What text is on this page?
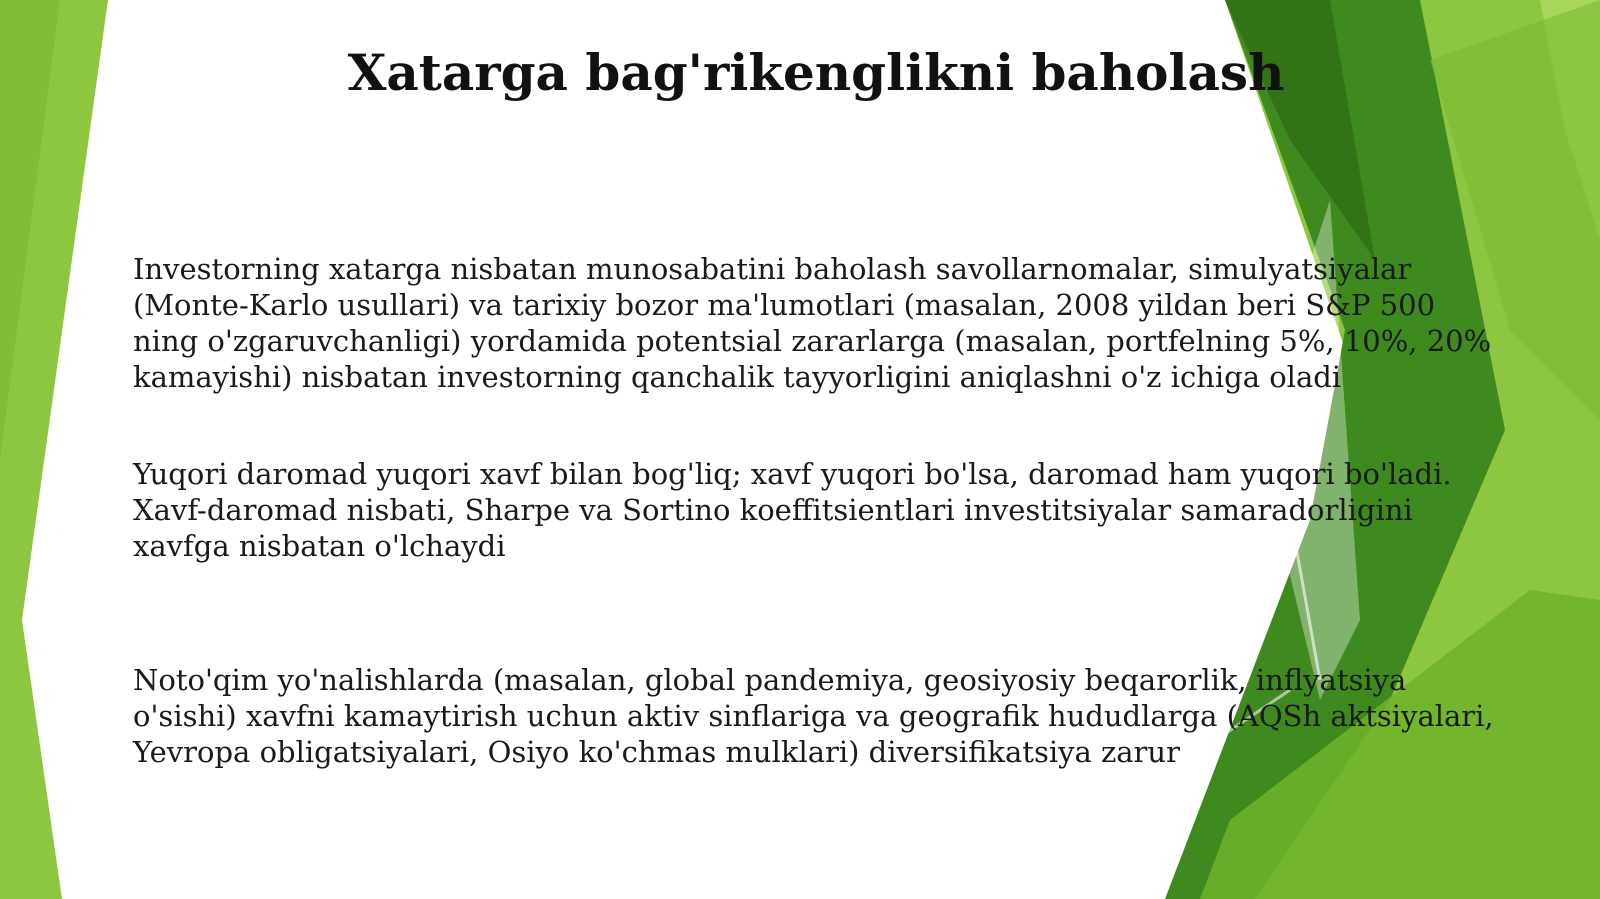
Xatarga bag'rikenglikni baholash

Investorning xatarga nisbatan munosabatini baholash savollarnomalar, simulyatsiyalar (Monte-Karlo usullari) va tarixiy bozor ma'lumotlari (masalan, 2008 yildan beri S&P 500 ning o'zgaruvchanligi) yordamida potentsial zararlarga (masalan, portfelning 5%, 10%, 20% kamayishi) nisbatan investorning qanchalik tayyorligini aniqlashni o'z ichiga oladi

Yuqori daromad yuqori xavf bilan bog'liq; xavf yuqori bo'lsa, daromad ham yuqori bo'ladi. Xavf-daromad nisbati, Sharpe va Sortino koeffitsientlari investitsiyalar samaradorligini xavfga nisbatan o'lchaydi

Noto'qim yo'nalishlarda (masalan, global pandemiya, geosiyosiy beqarorlik, inflyatsiya o'sishi) xavfni kamaytirish uchun aktiv sinflariga va geografik hududlarga (AQSh aktsiyalari, Yevropa obligatsiyalari, Osiyo ko'chmas mulklari) diversifikatsiya zarur
